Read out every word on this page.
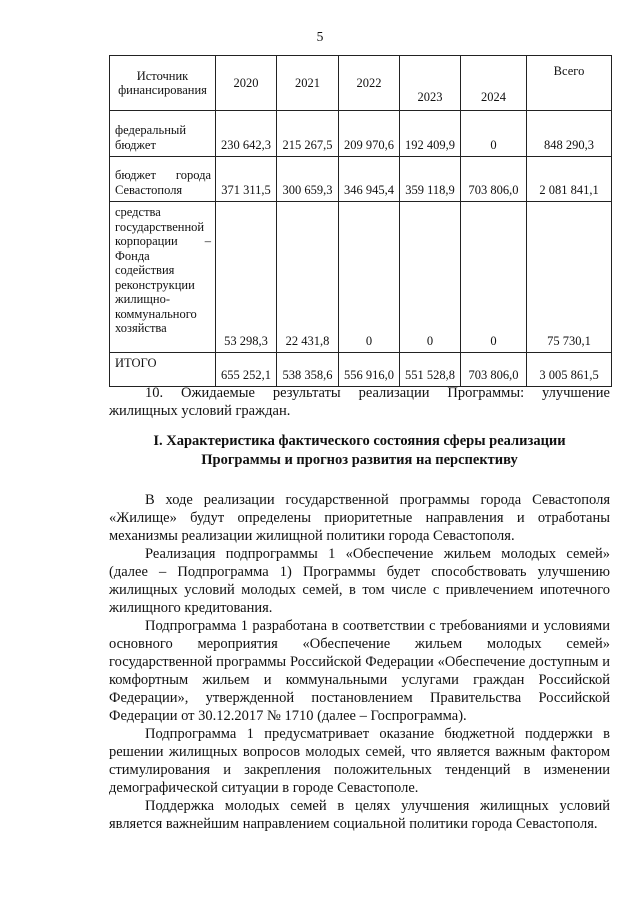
5
Источник финансирования	2020	2021	2022	2023	2024	Всего
федеральный бюджет	230 642,3	215 267,5	209 970,6	192 409,9	0	848 290,3

бюджет города Севастополя	371 311,5	300 659,3	346 945,4	359 118,9	703 806,0	2 081 841,1

средства государственной корпорации – Фонда содействия реконструкции жилищно-коммунального хозяйства	53 298,3	22 431,8	0	0	0	75 730,1
ИТОГО	655 252,1	538 358,6	556 916,0	551 528,8	703 806,0	3 005 861,5

10. Ожидаемые результаты реализации Программы: улучшение жилищных условий граждан.

I. Характеристика фактического состояния сферы реализации
Программы и прогноз развития на перспективу

В ходе реализации государственной программы города Севастополя «Жилище» будут определены приоритетные направления и отработаны механизмы реализации жилищной политики города Севастополя.

Реализация подпрограммы 1 «Обеспечение жильем молодых семей» (далее – Подпрограмма 1) Программы будет способствовать улучшению жилищных условий молодых семей, в том числе с привлечением ипотечного жилищного кредитования.

Подпрограмма 1 разработана в соответствии с требованиями и условиями основного мероприятия «Обеспечение жильем молодых семей» государственной программы Российской Федерации «Обеспечение доступным и комфортным жильем и коммунальными услугами граждан Российской Федерации», утвержденной постановлением Правительства Российской Федерации от 30.12.2017 № 1710 (далее – Госпрограмма).

Подпрограмма 1 предусматривает оказание бюджетной поддержки в решении жилищных вопросов молодых семей, что является важным фактором стимулирования и закрепления положительных тенденций в изменении демографической ситуации в городе Севастополе.

Поддержка молодых семей в целях улучшения жилищных условий является важнейшим направлением социальной политики города Севастополя.
